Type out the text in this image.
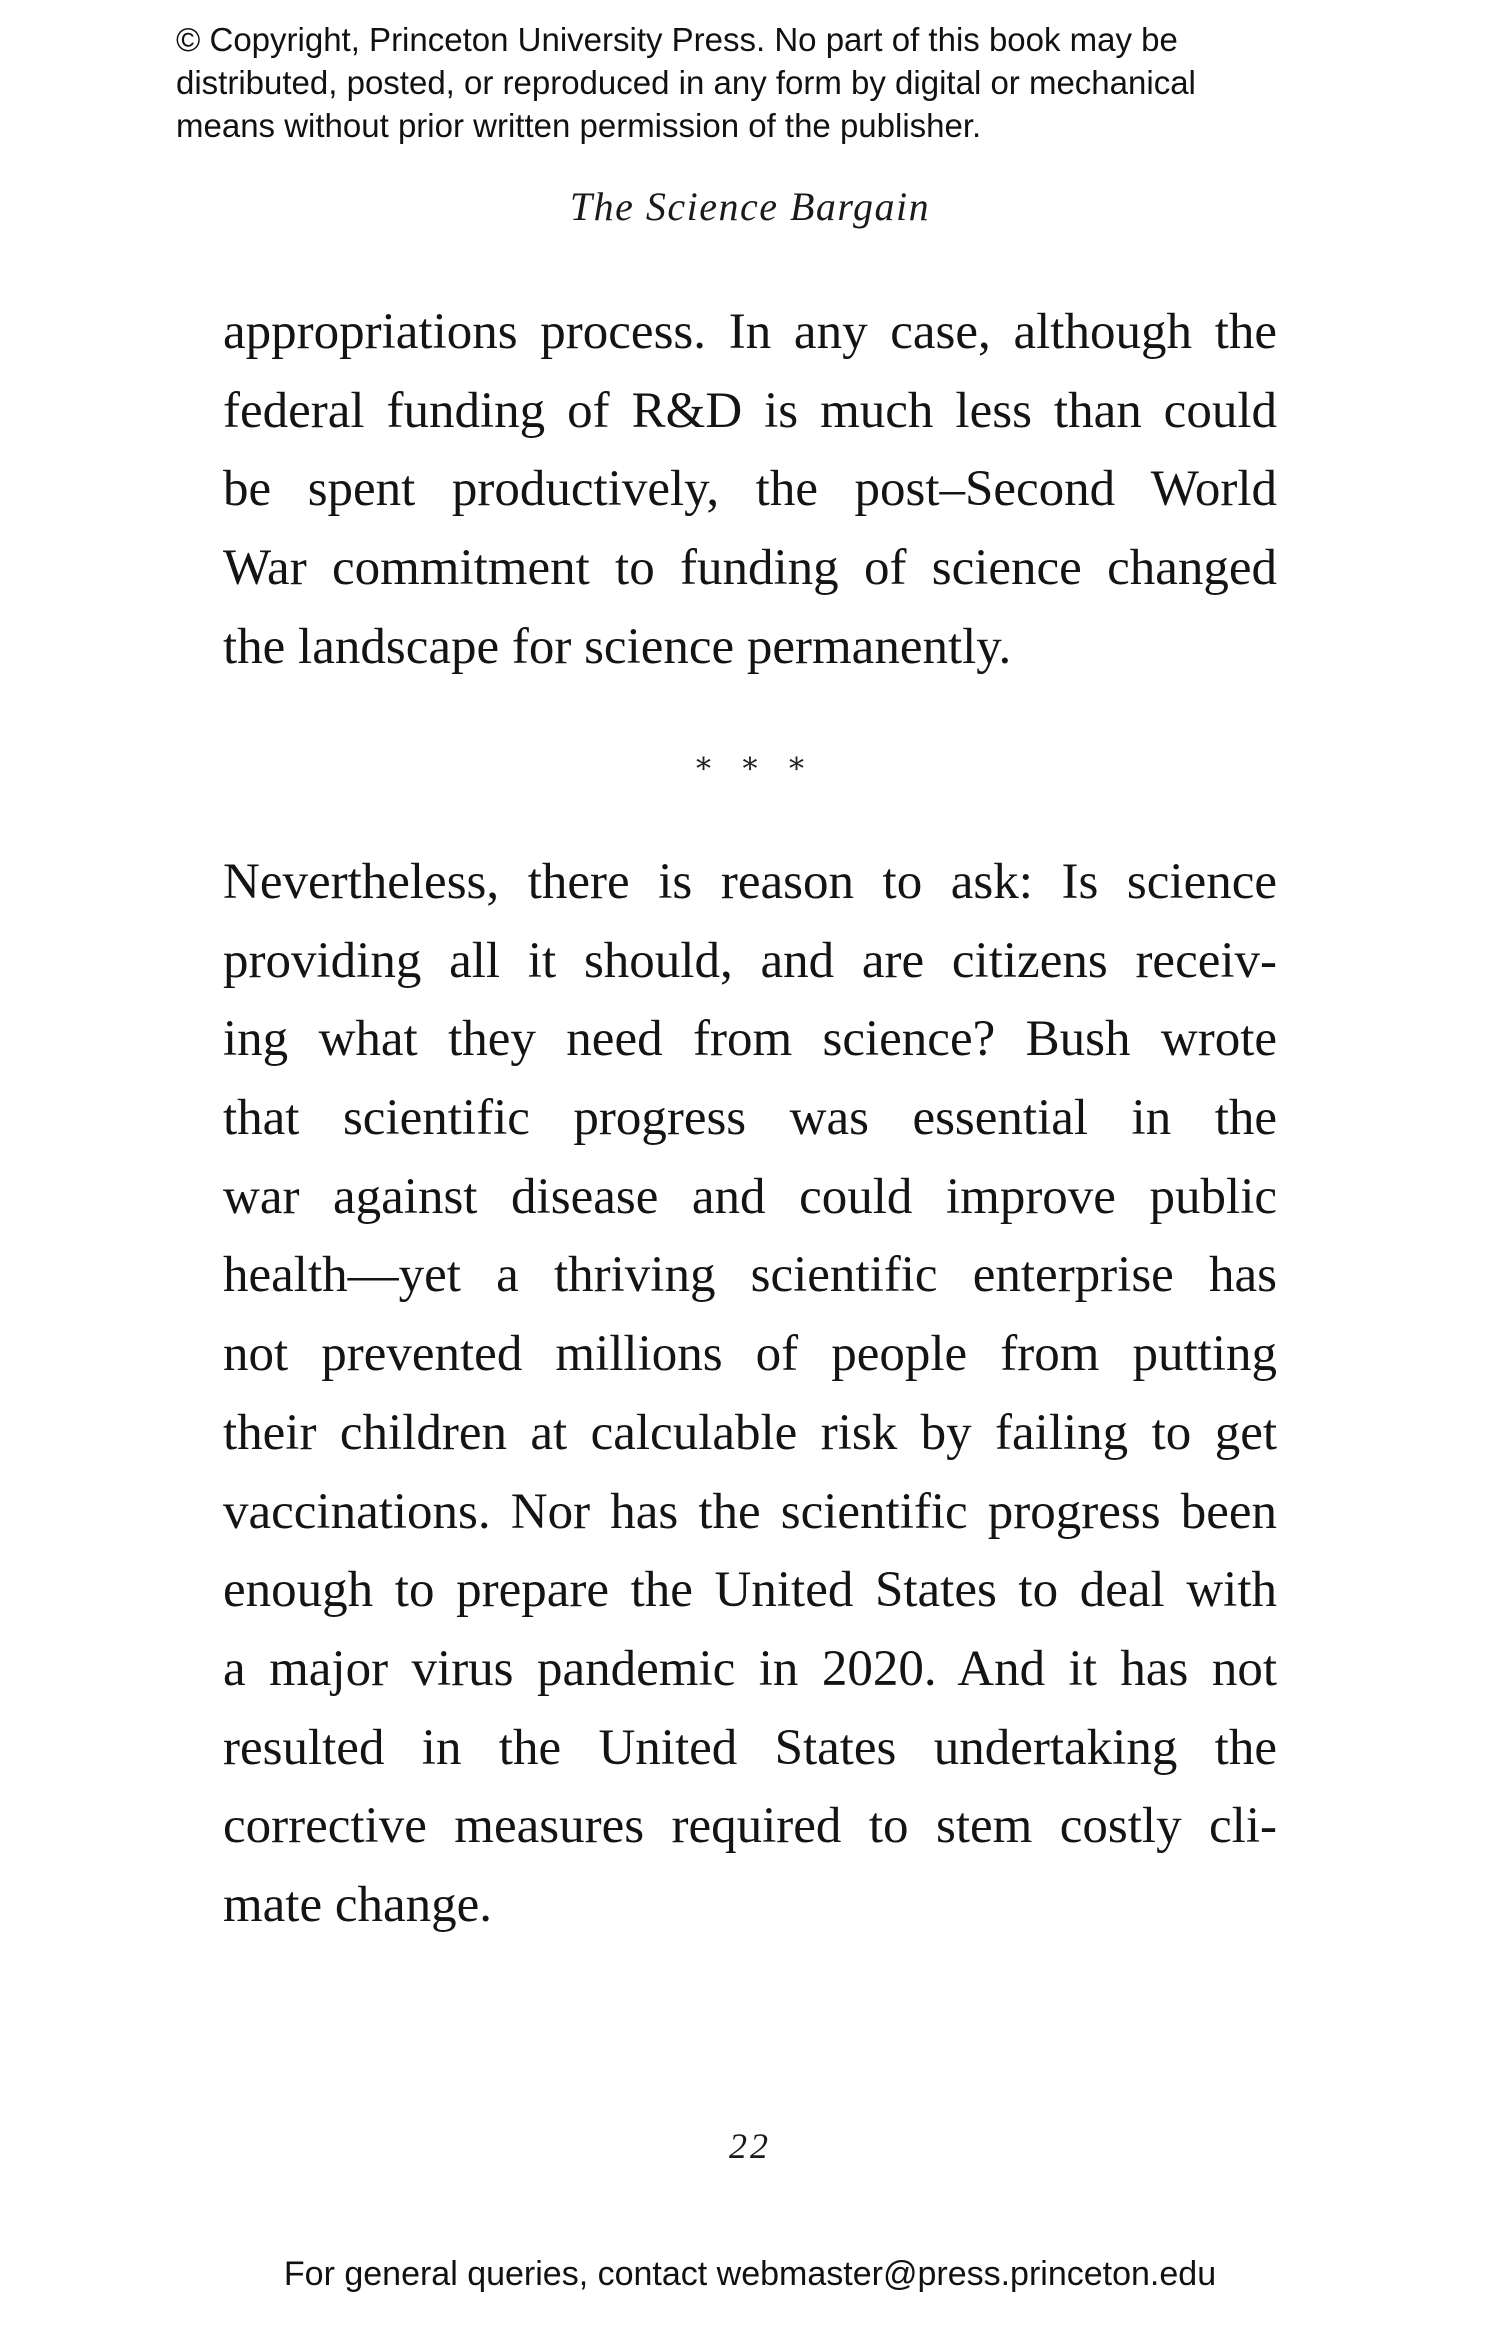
© Copyright, Princeton University Press. No part of this book may be
distributed, posted, or reproduced in any form by digital or mechanical
means without prior written permission of the publisher.
The Science Bargain
appropriations process. In any case, although the
federal funding of R&D is much less than could
be spent productively, the post–Second World
War commitment to funding of science changed
the landscape for science permanently.
* * *
Nevertheless, there is reason to ask: Is science
providing all it should, and are citizens receiv-
ing what they need from science? Bush wrote
that scientific progress was essential in the
war against disease and could improve public
health—yet a thriving scientific enterprise has
not prevented millions of people from putting
their children at calculable risk by failing to get
vaccinations. Nor has the scientific progress been
enough to prepare the United States to deal with
a major virus pandemic in 2020. And it has not
resulted in the United States undertaking the
corrective measures required to stem costly cli-
mate change.
22
For general queries, contact webmaster@press.princeton.edu
